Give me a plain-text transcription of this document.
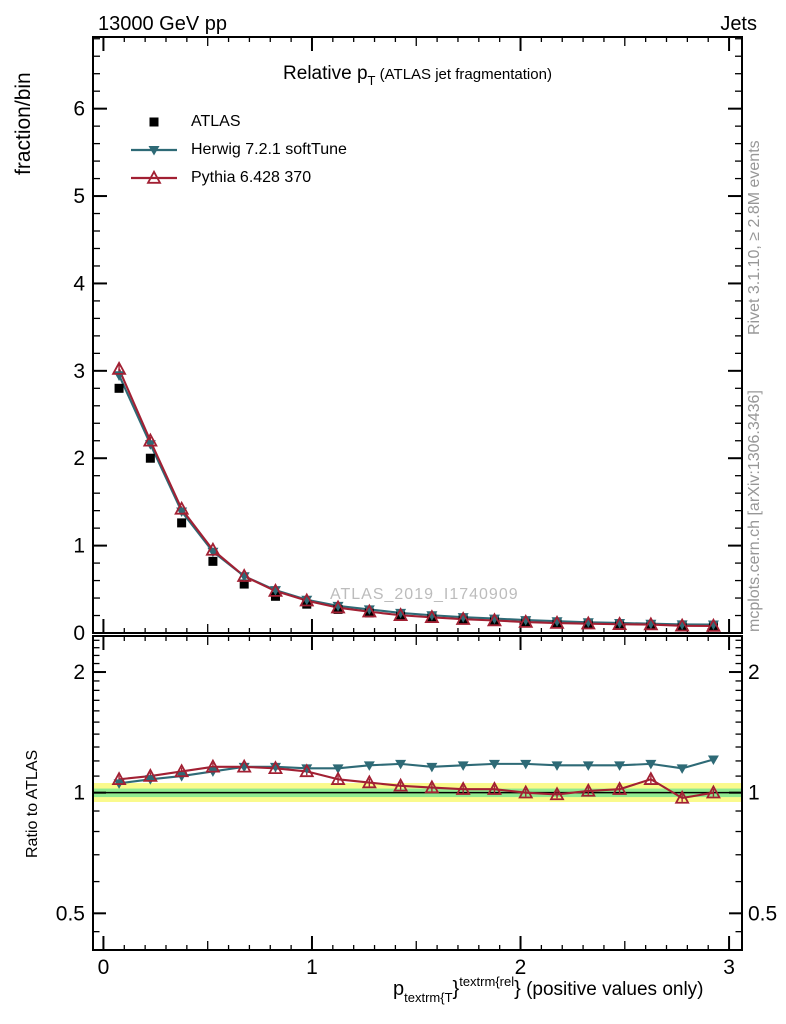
0
1
2
3
4
5
6
0.5	0.5
1	1
2	2
0	1	2	3
13000 GeV pp	Jets
Relative $p_T$ (ATLAS jet fragmentation)
ATLAS
Herwig 7.2.1 softTune
Pythia 6.428 370
fraction/bin
Ratio to ATLAS
ATLAS_2019_I1740909
Rivet 3.1.10, ≥ 2.8M events
mcplots.cern.ch [arXiv:1306.3436]
$p_{textrm\{T}\}^{textrm\{rel}$} (positive values only)
